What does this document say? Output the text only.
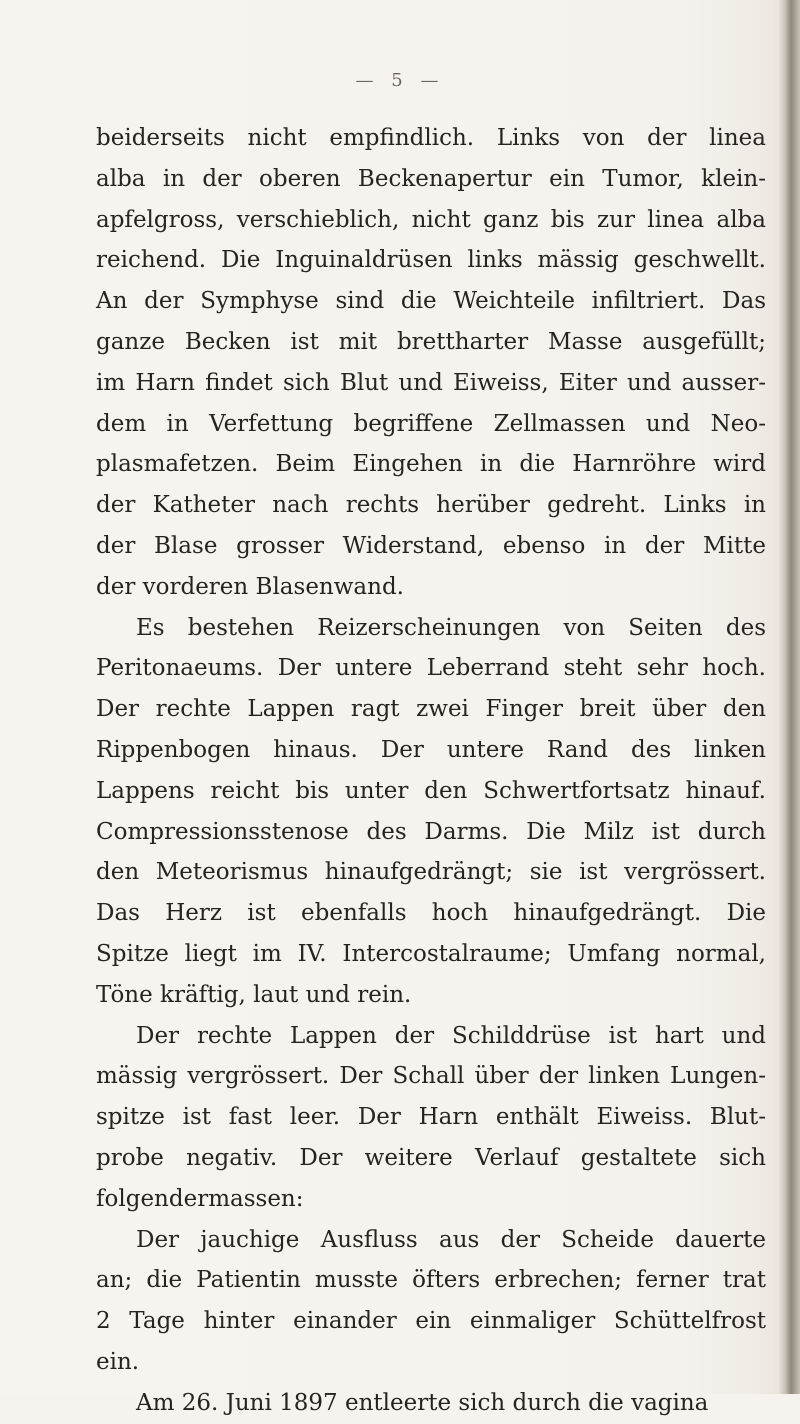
— 5 —
beiderseits nicht empfindlich. Links von der linea
alba in der oberen Beckenapertur ein Tumor, klein-
apfelgross, verschieblich, nicht ganz bis zur linea alba
reichend. Die Inguinaldrüsen links mässig geschwellt.
An der Symphyse sind die Weichteile infiltriert. Das
ganze Becken ist mit brettharter Masse ausgefüllt;
im Harn findet sich Blut und Eiweiss, Eiter und ausser-
dem in Verfettung begriffene Zellmassen und Neo-
plasmafetzen. Beim Eingehen in die Harnröhre wird
der Katheter nach rechts herüber gedreht. Links in
der Blase grosser Widerstand, ebenso in der Mitte
der vorderen Blasenwand.
Es bestehen Reizerscheinungen von Seiten des
Peritonaeums. Der untere Leberrand steht sehr hoch.
Der rechte Lappen ragt zwei Finger breit über den
Rippenbogen hinaus. Der untere Rand des linken
Lappens reicht bis unter den Schwertfortsatz hinauf.
Compressionsstenose des Darms. Die Milz ist durch
den Meteorismus hinaufgedrängt; sie ist vergrössert.
Das Herz ist ebenfalls hoch hinaufgedrängt. Die
Spitze liegt im IV. Intercostalraume; Umfang normal,
Töne kräftig, laut und rein.
Der rechte Lappen der Schilddrüse ist hart und
mässig vergrössert. Der Schall über der linken Lungen-
spitze ist fast leer. Der Harn enthält Eiweiss. Blut-
probe negativ. Der weitere Verlauf gestaltete sich
folgendermassen:
Der jauchige Ausfluss aus der Scheide dauerte
an; die Patientin musste öfters erbrechen; ferner trat
2 Tage hinter einander ein einmaliger Schüttelfrost
ein.
Am 26. Juni 1897 entleerte sich durch die vagina
